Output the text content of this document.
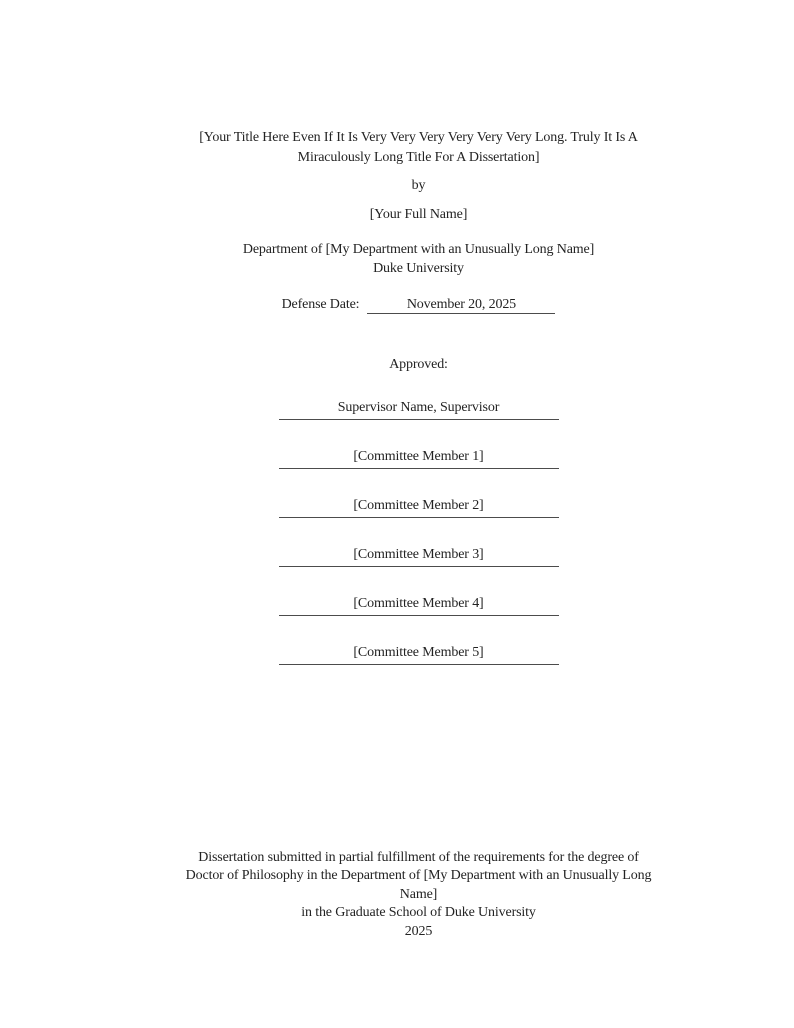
[Your Title Here Even If It Is Very Very Very Very Very Very Long. Truly It Is A
Miraculously Long Title For A Dissertation]
by
[Your Full Name]
Department of [My Department with an Unusually Long Name]
Duke University
Defense Date:	November 20, 2025
Approved:
Supervisor Name, Supervisor
[Committee Member 1]
[Committee Member 2]
[Committee Member 3]
[Committee Member 4]
[Committee Member 5]
Dissertation submitted in partial fulfillment of the requirements for the degree of
Doctor of Philosophy in the Department of [My Department with an Unusually Long
Name]
in the Graduate School of Duke University
2025
